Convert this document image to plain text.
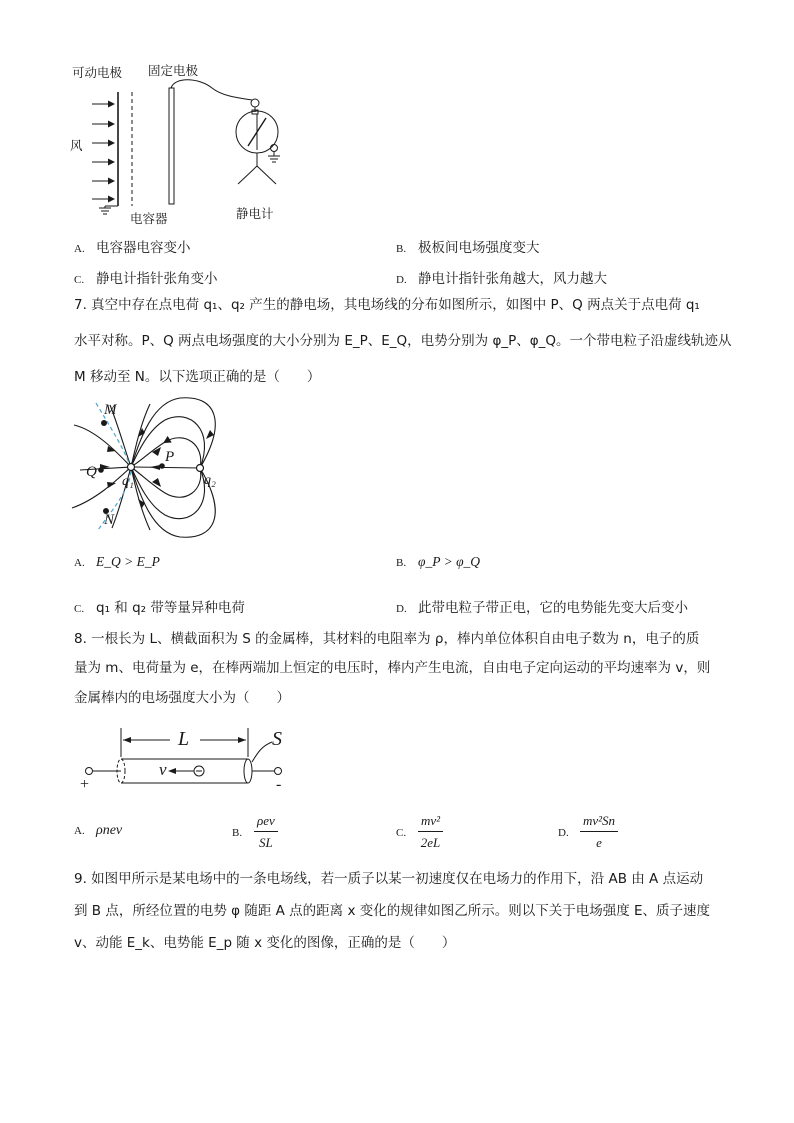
可动电极 固定电极
风
电容器	静电计
A. 电容器电容变小	B. 极板间电场强度变大
C. 静电计指针张角变小	D. 静电计指针张角越大，风力越大
7. 真空中存在点电荷 q₁、q₂ 产生的静电场，其电场线的分布如图所示，如图中 P、Q 两点关于点电荷 q₁
水平对称。P、Q 两点电场强度的大小分别为 E_P、E_Q，电势分别为 φ_P、φ_Q。一个带电粒子沿虚线轨迹从
M 移动至 N。以下选项正确的是（　　）
M
N
P
Q
q₁	q₂
A. E_Q > E_P	B. φ_P > φ_Q
C. q₁ 和 q₂ 带等量异种电荷	D. 此带电粒子带正电，它的电势能先变大后变小
8. 一根长为 L、横截面积为 S 的金属棒，其材料的电阻率为 ρ，棒内单位体积自由电子数为 n，电子的质
量为 m、电荷量为 e，在棒两端加上恒定的电压时，棒内产生电流，自由电子定向运动的平均速率为 v，则
金属棒内的电场强度大小为（　　）
L	S
v
+	-
A. ρnev	B. $\frac{\text{ρev}}{SL}$	C. $\frac{\text{mv²}}{2eL}$	D. $\frac{\text{mv²Sn}}{e}$
9. 如图甲所示是某电场中的一条电场线，若一质子以某一初速度仅在电场力的作用下，沿 AB 由 A 点运动
到 B 点，所经位置的电势 φ 随距 A 点的距离 x 变化的规律如图乙所示。则以下关于电场强度 E、质子速度
v、动能 E_k、电势能 E_p 随 x 变化的图像，正确的是（　　）
